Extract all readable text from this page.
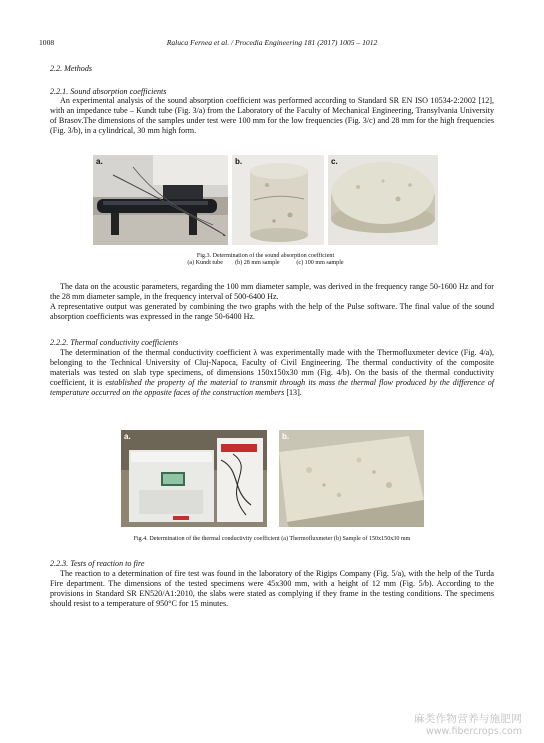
1008	Raluca Fernea et al. / Procedia Engineering 181 (2017) 1005 – 1012
2.2. Methods
2.2.1. Sound absorption coefficients
An experimental analysis of the sound absorption coefficient was performed according to Standard SR EN ISO 10534-2:2002 [12], with an impedance tube – Kundt tube (Fig. 3/a) from the Laboratory of the Faculty of Mechanical Engineering, Transylvania University of Brasov.The dimensions of the samples under test were 100 mm for the low frequencies (Fig. 3/c) and 28 mm for the high frequencies (Fig. 3/b), in a cylindrical, 30 mm high form.
a.	b.	c.
Fig.3. Determination of the sound absorption coefficient
(a) Kundt tube        (b) 28 mm sample           (c) 100 mm sample
The data on the acoustic parameters, regarding the 100 mm diameter sample, was derived in the frequency range 50-1600 Hz and for the 28 mm diameter sample, in the frequency interval of 500-6400 Hz.
A representative output was generated by combining the two graphs with the help of the Pulse software. The final value of the sound absorption coefficients was expressed in the range 50-6400 Hz.
2.2.2. Thermal conductivity coefficients
The determination of the thermal conductivity coefficient λ was experimentally made with the Thermofluxmeter device (Fig. 4/a), belonging to the Technical University of Cluj-Napoca, Faculty of Civil Engineering. The thermal conductivity of the composite materials was tested on slab type specimens, of dimensions 150x150x30 mm (Fig. 4/b). On the basis of the thermal conductivity coefficient, it is established the property of the material to transmit through its mass the thermal flow produced by the difference of temperature occurred on the opposite faces of the construction members [13].
a.	b.
Fig.4. Determination of the thermal conductivity coefficient (a) Thermofluxmeter (b) Sample of 150x150x30 mm
2.2.3. Tests of reaction to fire
The reaction to a determination of fire test was found in the laboratory of the Rigips Company (Fig. 5/a), with the help of the Turda Fire department. The dimensions of the tested specimens were 45x300 mm, with a height of 12 mm (Fig. 5/b). According to the provisions in Standard SR EN520/A1:2010, the slabs were stated as complying if they frame in the testing conditions. The specimens should resist to a temperature of 950°C for 15 minutes.
麻类作物营养与施肥网
www.fibercrops.com
